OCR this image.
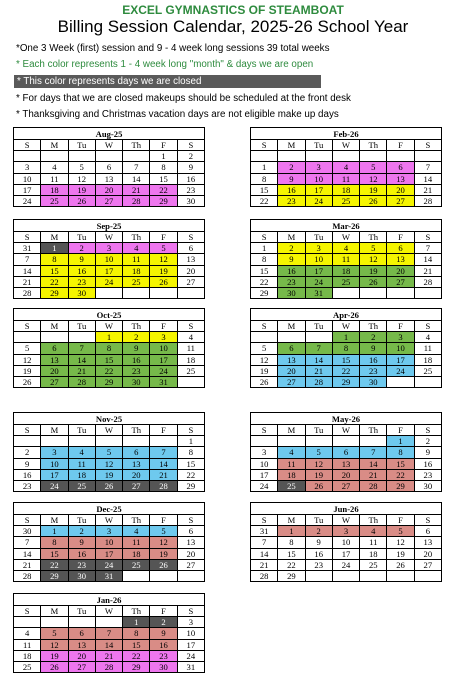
EXCEL GYMNASTICS OF STEAMBOAT
Billing Session Calendar, 2025-26 School Year
*One 3 Week (first) session and 9 - 4 week long sessions 39 total weeks
* Each color represents 1 - 4 week long "month" & days we are open
* This color represents days we are closed
* For days that we are closed makeups should be scheduled at the front desk
* Thanksgiving and Christmas vacation days are not eligible make up days
Aug-25						
S	M	Tu	W	Th	F	S
					1	2
3	4	5	6	7	8	9
10	11	12	13	14	15	16
17	18	19	20	21	22	23
24	25	26	27	28	29	30
Sep-25						
S	M	Tu	W	Th	F	S
31	1	2	3	4	5	6
7	8	9	10	11	12	13
14	15	16	17	18	19	20
21	22	23	24	25	26	27
28	29	30				
Oct-25						
S	M	Tu	W	Th	F	S
			1	2	3	4
5	6	7	8	9	10	11
12	13	14	15	16	17	18
19	20	21	22	23	24	25
26	27	28	29	30	31	
Nov-25						
S	M	Tu	W	Th	F	S
						1
2	3	4	5	6	7	8
9	10	11	12	13	14	15
16	17	18	19	20	21	22
23	24	25	26	27	28	29
Dec-25						
S	M	Tu	W	Th	F	S
30	1	2	3	4	5	6
7	8	9	10	11	12	13
14	15	16	17	18	19	20
21	22	23	24	25	26	27
28	29	30	31			
Jan-26						
S	M	Tu	W	Th	F	S
				1	2	3
4	5	6	7	8	9	10
11	12	13	14	15	16	17
18	19	20	21	22	23	24
25	26	27	28	29	30	31
Feb-26						
S	M	Tu	W	Th	F	S

1	2	3	4	5	6	7
8	9	10	11	12	13	14
15	16	17	18	19	20	21
22	23	24	25	26	27	28
Mar-26						
S	M	Tu	W	Th	F	S
1	2	3	4	5	6	7
8	9	10	11	12	13	14
15	16	17	18	19	20	21
22	23	24	25	26	27	28
29	30	31				
Apr-26						
S	M	Tu	W	Th	F	S
			1	2	3	4
5	6	7	8	9	10	11
12	13	14	15	16	17	18
19	20	21	22	23	24	25
26	27	28	29	30		
May-26						
S	M	Tu	W	Th	F	S
					1	2
3	4	5	6	7	8	9
10	11	12	13	14	15	16
17	18	19	20	21	22	23
24	25	26	27	28	29	30
Jun-26						
S	M	Tu	W	Th	F	S
31	1	2	3	4	5	6
7	8	9	10	11	12	13
14	15	16	17	18	19	20
21	22	23	24	25	26	27
28	29					
